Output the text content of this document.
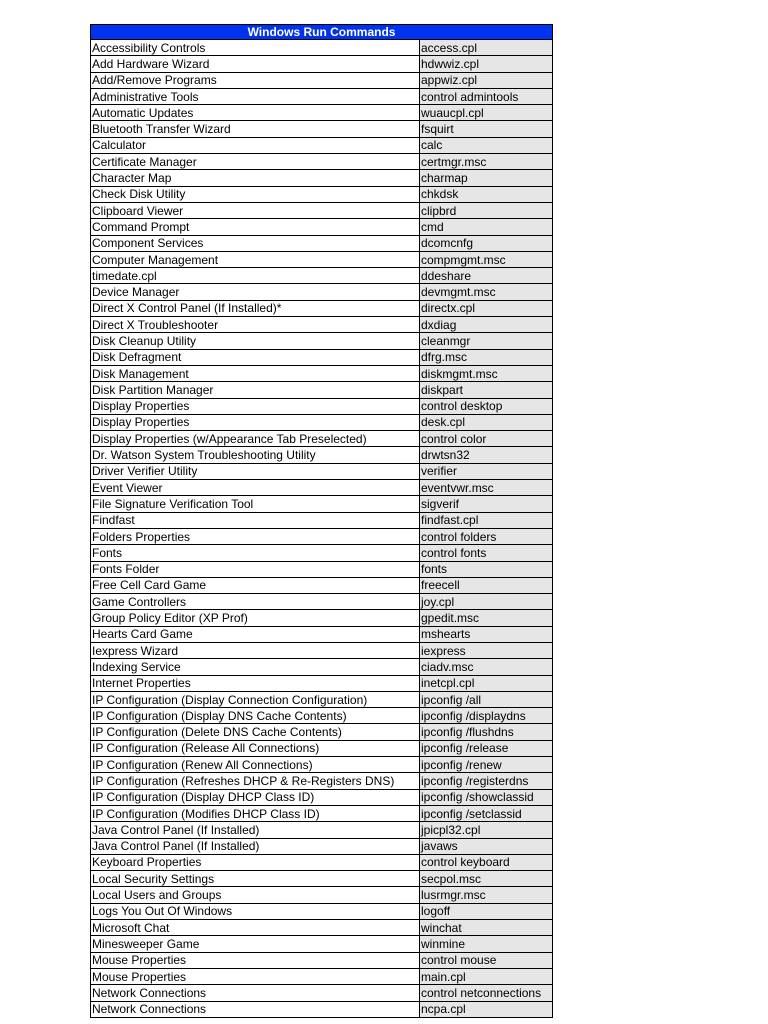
Windows Run Commands	
Accessibility Controls	access.cpl
Add Hardware Wizard	hdwwiz.cpl
Add/Remove Programs	appwiz.cpl
Administrative Tools	control admintools
Automatic Updates	wuaucpl.cpl
Bluetooth Transfer Wizard	fsquirt
Calculator	calc
Certificate Manager	certmgr.msc
Character Map	charmap
Check Disk Utility	chkdsk
Clipboard Viewer	clipbrd
Command Prompt	cmd
Component Services	dcomcnfg
Computer Management	compmgmt.msc
timedate.cpl	ddeshare
Device Manager	devmgmt.msc
Direct X Control Panel (If Installed)*	directx.cpl
Direct X Troubleshooter	dxdiag
Disk Cleanup Utility	cleanmgr
Disk Defragment	dfrg.msc
Disk Management	diskmgmt.msc
Disk Partition Manager	diskpart
Display Properties	control desktop
Display Properties	desk.cpl
Display Properties (w/Appearance Tab Preselected)	control color
Dr. Watson System Troubleshooting Utility	drwtsn32
Driver Verifier Utility	verifier
Event Viewer	eventvwr.msc
File Signature Verification Tool	sigverif
Findfast	findfast.cpl
Folders Properties	control folders
Fonts	control fonts
Fonts Folder	fonts
Free Cell Card Game	freecell
Game Controllers	joy.cpl
Group Policy Editor (XP Prof)	gpedit.msc
Hearts Card Game	mshearts
Iexpress Wizard	iexpress
Indexing Service	ciadv.msc
Internet Properties	inetcpl.cpl
IP Configuration (Display Connection Configuration)	ipconfig /all
IP Configuration (Display DNS Cache Contents)	ipconfig /displaydns
IP Configuration (Delete DNS Cache Contents)	ipconfig /flushdns
IP Configuration (Release All Connections)	ipconfig /release
IP Configuration (Renew All Connections)	ipconfig /renew
IP Configuration (Refreshes DHCP & Re-Registers DNS)	ipconfig /registerdns
IP Configuration (Display DHCP Class ID)	ipconfig /showclassid
IP Configuration (Modifies DHCP Class ID)	ipconfig /setclassid
Java Control Panel (If Installed)	jpicpl32.cpl
Java Control Panel (If Installed)	javaws
Keyboard Properties	control keyboard
Local Security Settings	secpol.msc
Local Users and Groups	lusrmgr.msc
Logs You Out Of Windows	logoff
Microsoft Chat	winchat
Minesweeper Game	winmine
Mouse Properties	control mouse
Mouse Properties	main.cpl
Network Connections	control netconnections
Network Connections	ncpa.cpl
